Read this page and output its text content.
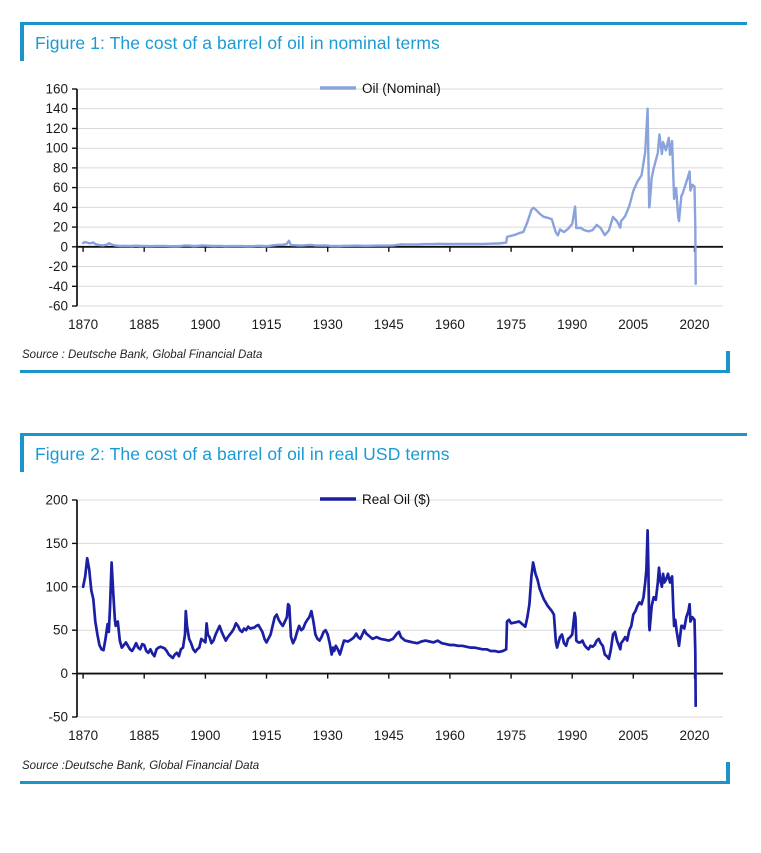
Figure 1: The cost of a barrel of oil in nominal terms
160
140
120
100
80
60
40
20
0
-20
-40
-60
1870 1885 1900 1915 1930 1945 1960 1975 1990 2005 2020
Oil (Nominal)
Source : Deutsche Bank, Global Financial Data
Figure 2: The cost of a barrel of oil in real USD terms
200
150
100
50
0
-50
1870 1885 1900 1915 1930 1945 1960 1975 1990 2005 2020
Real Oil ($)
Source :Deutsche Bank, Global Financial Data
